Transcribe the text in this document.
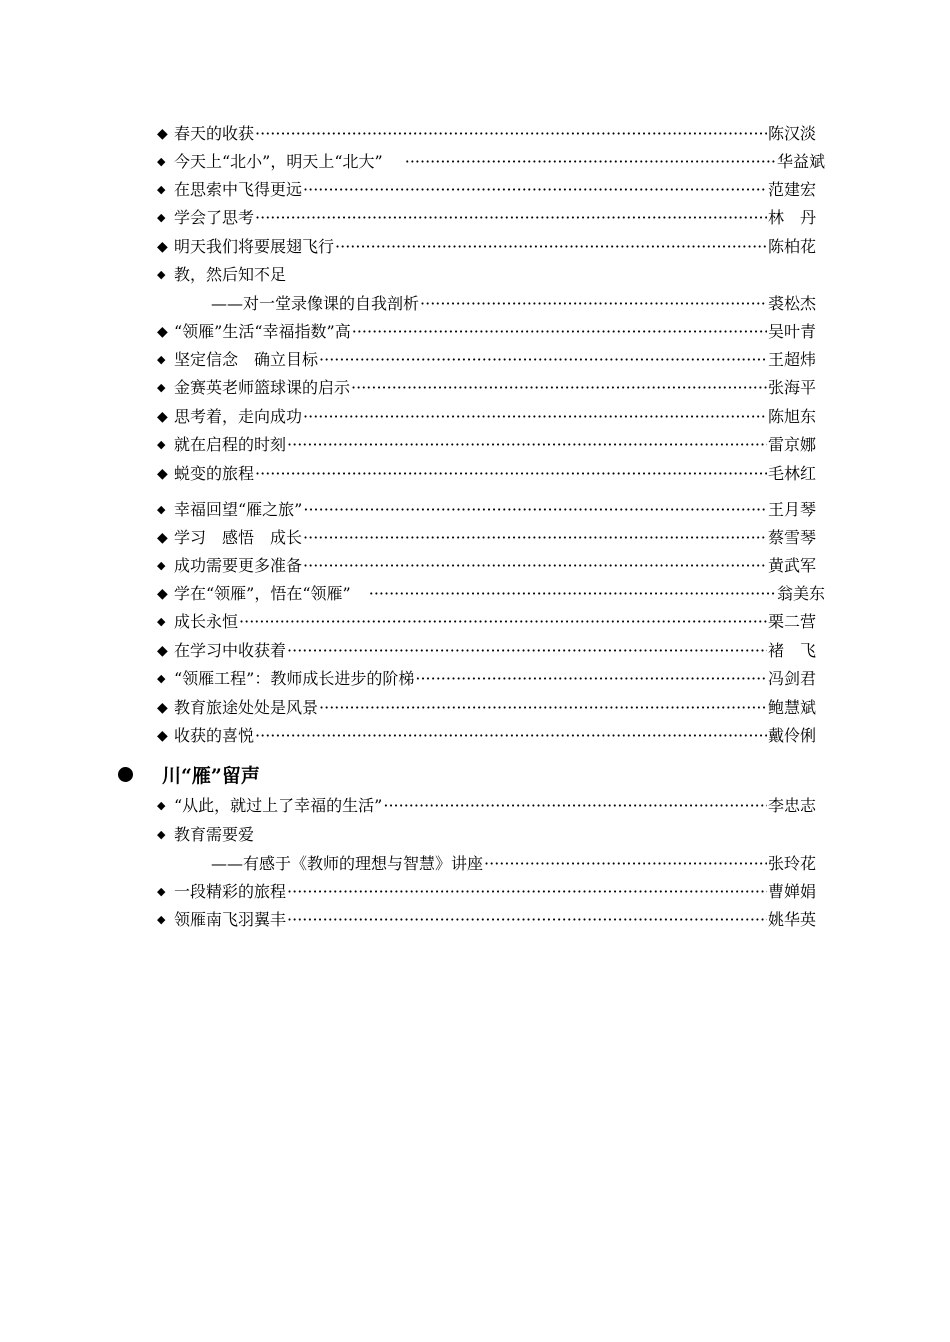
◆ 春天的收获 ·····	陈汉淡
◆ 今天上“北小”，明天上“北大” ·····	华益斌
◆ 在思索中飞得更远 ·····	范建宏
◆ 学会了思考 ·····	林　丹
◆ 明天我们将要展翅飞行 ·····	陈柏花
◆ 教，然后知不足
——对一堂录像课的自我剖析 ·····	裘松杰
◆ “领雁”生活“幸福指数”高 ·····	吴叶青
◆ 坚定信念　确立目标 ·····	王超炜
◆ 金赛英老师篮球课的启示 ·····	张海平
◆ 思考着，走向成功 ·····	陈旭东
◆ 就在启程的时刻 ·····	雷京娜
◆ 蜕变的旅程 ·····	毛林红
◆ 幸福回望“雁之旅” ·····	王月琴
◆ 学习　感悟　成长 ·····	蔡雪琴
◆ 成功需要更多准备 ·····	黄武军
◆ 学在“领雁”，悟在“领雁” ·····	翁美东
◆ 成长永恒 ·····	栗二营
◆ 在学习中收获着 ·····	褚　飞
◆ “领雁工程”：教师成长进步的阶梯 ·····	冯剑君
◆ 教育旅途处处是风景 ·····	鲍慧斌
◆ 收获的喜悦 ·····	戴伶俐
川“雁”留声
◆ “从此，就过上了幸福的生活” ·····	李忠志
◆ 教育需要爱
——有感于《教师的理想与智慧》讲座 ·····	张玲花
◆ 一段精彩的旅程 ·····	曹婵娟
◆ 领雁南飞羽翼丰 ·····	姚华英
